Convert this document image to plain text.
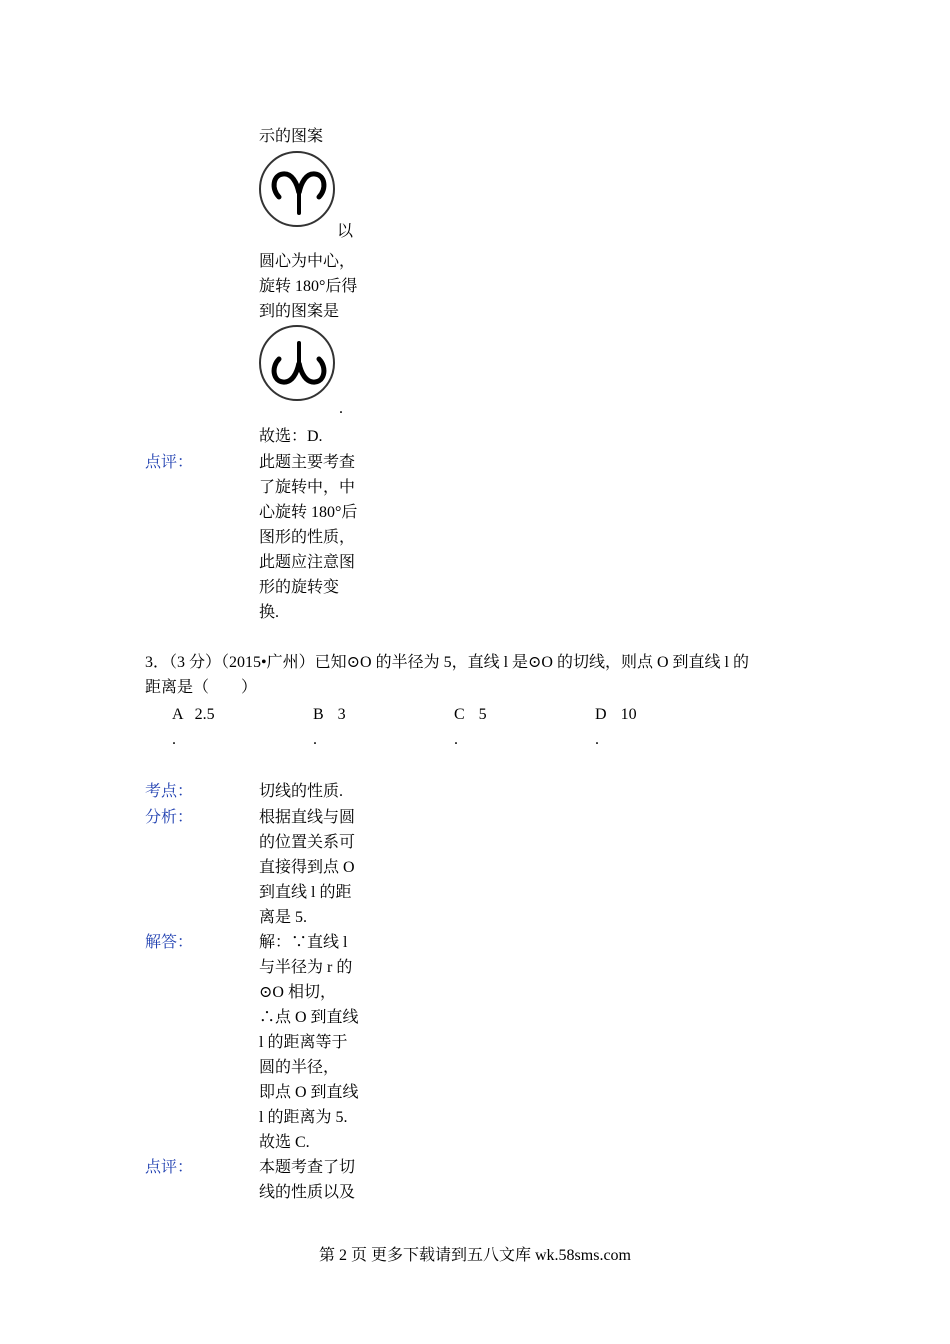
示的图案
以
圆心为中心，
旋转 180°后得
到的图案是
.
故选：D.
点评：	此题主要考查
了旋转中，中
心旋转 180°后
图形的性质，
此题应注意图
形的旋转变
换.
3．（3 分）（2015•广州）已知⊙O 的半径为 5，直线 l 是⊙O 的切线，则点 O 到直线 l 的
距离是（　　）
A 2.5
.
B 3
.
C 5
.
D 10
.
考点：	切线的性质.
分析：	根据直线与圆
的位置关系可
直接得到点 O
到直线 l 的距
离是 5.
解答：	解：∵直线 l
与半径为 r 的
⊙O 相切，
∴点 O 到直线
l 的距离等于
圆的半径，
即点 O 到直线
l 的距离为 5.
故选 C.
点评：	本题考查了切
线的性质以及
第 2 页 更多下载请到五八文库 wk.58sms.com
